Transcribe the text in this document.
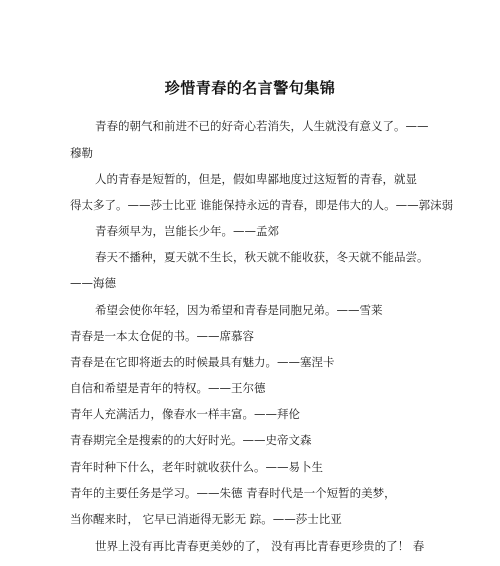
珍惜青春的名言警句集锦
青春的朝气和前进不已的好奇心若消失，人生就没有意义了。——
穆勒
人的青春是短暂的，但是，假如卑鄙地度过这短暂的青春，就显
得太多了。——莎士比亚 谁能保持永远的青春，即是伟大的人。——郭沫弱
青春须早为，岂能长少年。——孟郊
春天不播种，夏天就不生长，秋天就不能收获，冬天就不能品尝。
——海德
希望会使你年轻，因为希望和青春是同胞兄弟。——雪莱
青春是一本太仓促的书。——席慕容
青春是在它即将逝去的时候最具有魅力。——塞涅卡
自信和希望是青年的特权。——王尔德
青年人充满活力，像春水一样丰富。——拜伦
青春期完全是搜索的的大好时光。——史帝文森
青年时种下什么，老年时就收获什么。——易卜生
青年的主要任务是学习。——朱德 青春时代是一个短暂的美梦，
当你醒来时， 它早已消逝得无影无 踪。——莎士比亚
世界上没有再比青春更美妙的了， 没有再比青春更珍贵的了！ 春
